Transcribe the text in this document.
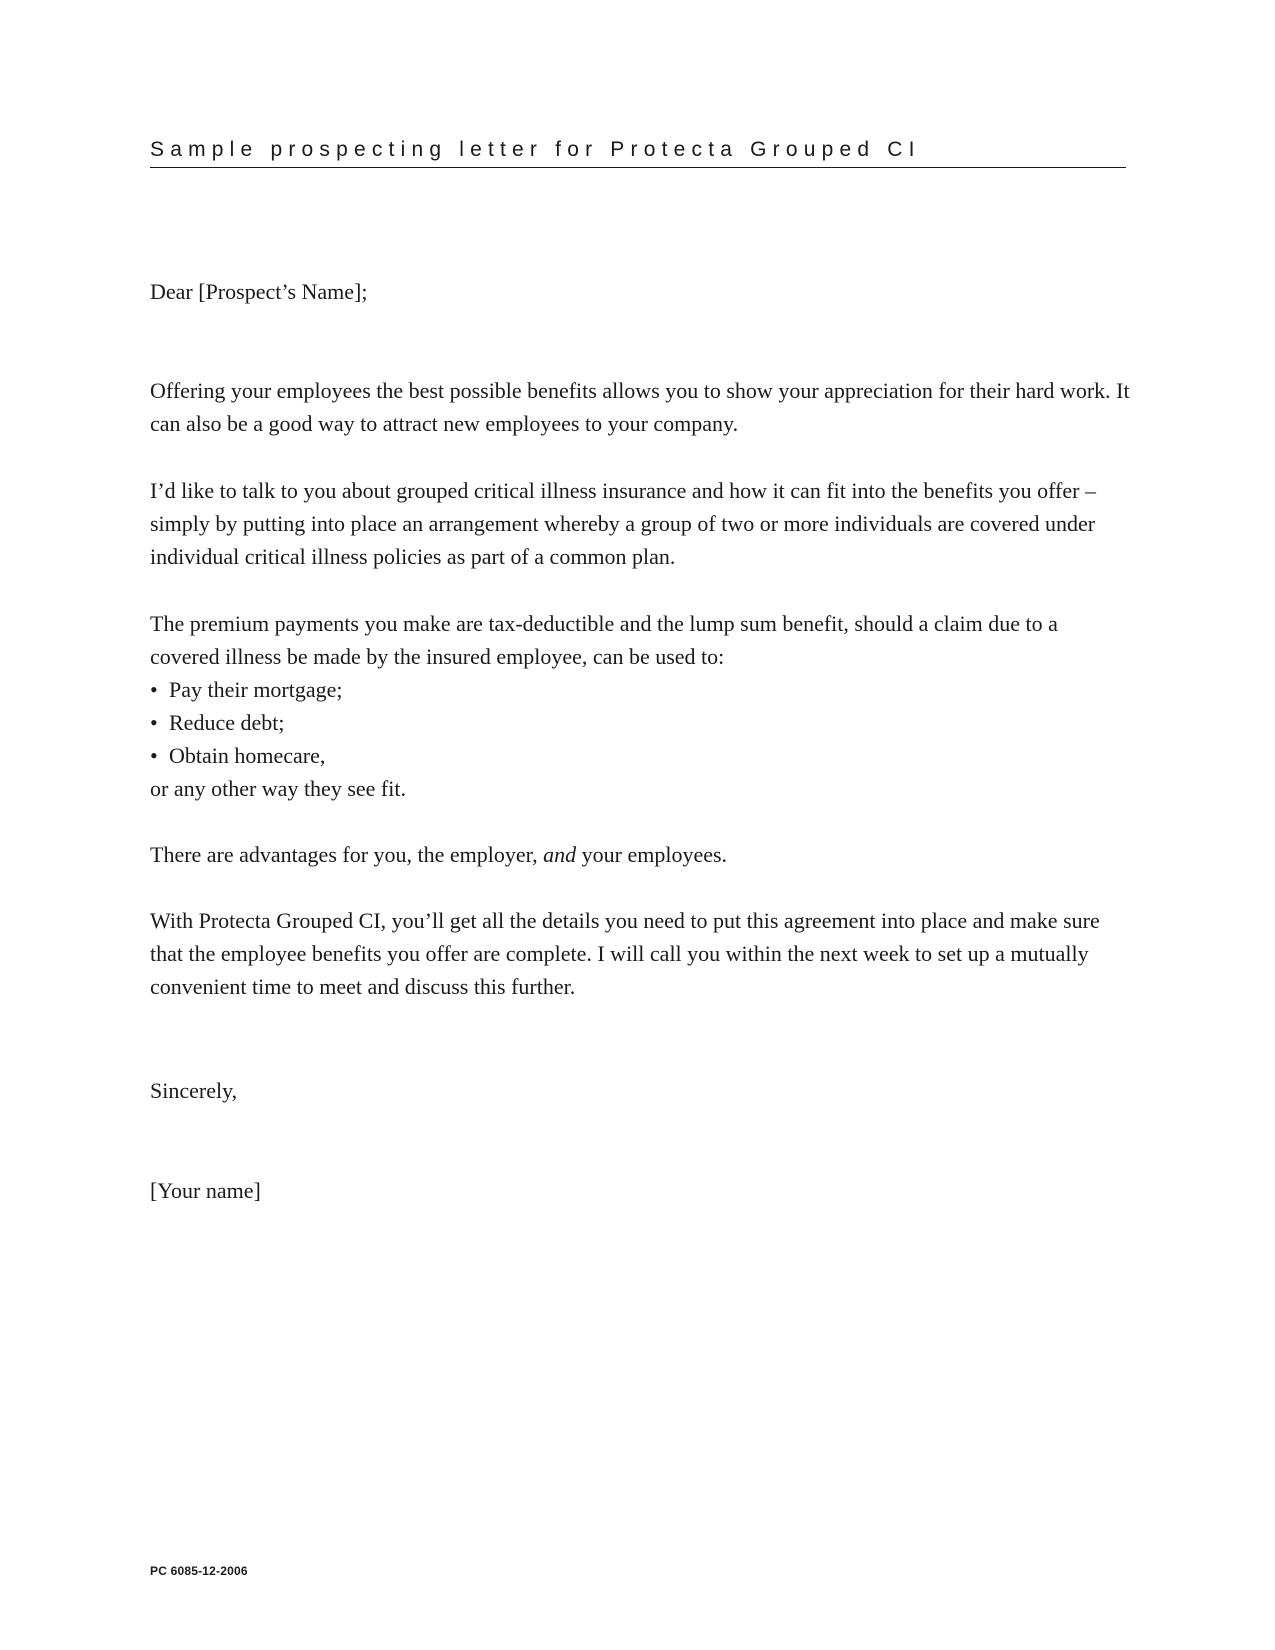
Sample prospecting letter for Protecta Grouped CI

Dear [Prospect’s Name];

Offering your employees the best possible benefits allows you to show your appreciation for their hard work. It can also be a good way to attract new employees to your company.

I’d like to talk to you about grouped critical illness insurance and how it can fit into the benefits you offer – simply by putting into place an arrangement whereby a group of two or more individuals are covered under individual critical illness policies as part of a common plan.

The premium payments you make are tax-deductible and the lump sum benefit, should a claim due to a covered illness be made by the insured employee, can be used to:

• Pay their mortgage;
• Reduce debt;
• Obtain homecare,

or any other way they see fit.

There are advantages for you, the employer, and your employees.

With Protecta Grouped CI, you’ll get all the details you need to put this agreement into place and make sure that the employee benefits you offer are complete. I will call you within the next week to set up a mutually convenient time to meet and discuss this further.

Sincerely,

[Your name]

PC 6085-12-2006
